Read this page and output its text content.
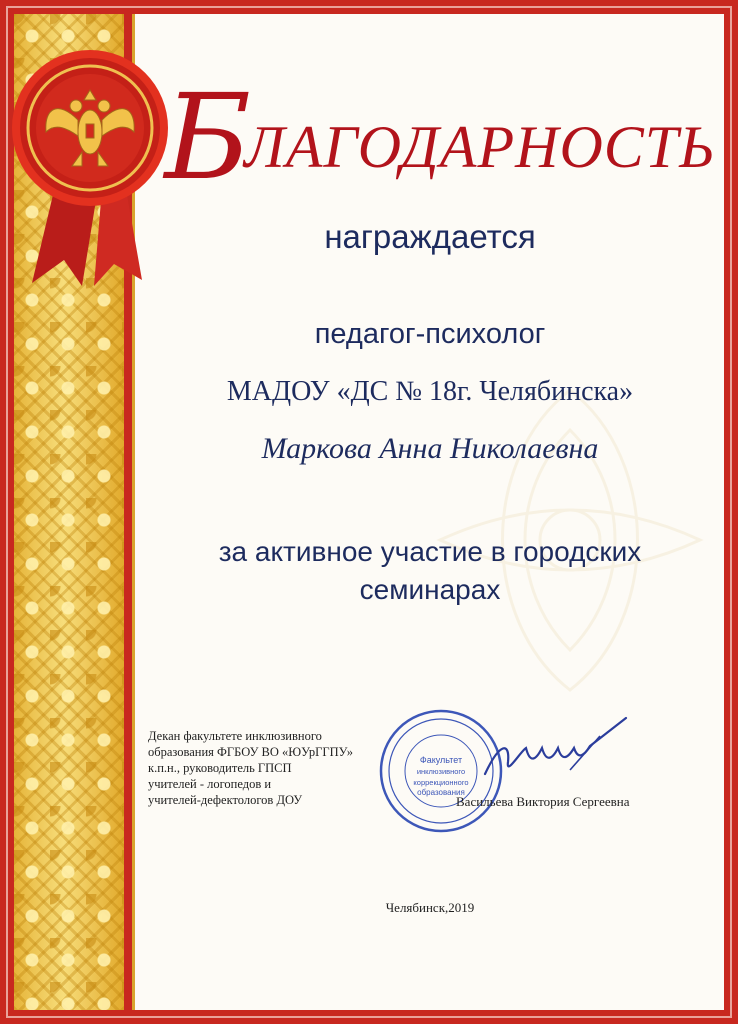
Б
ЛАГОДАРНОСТЬ
награждается
педагог-психолог
МАДОУ «ДС № 18г. Челябинска»
Маркова Анна Николаевна
за активное участие в городских
семинарах
Декан факультете инклюзивного
образования ФГБОУ ВО «ЮУрГГПУ»
к.п.н., руководитель ГПСП
учителей - логопедов и
учителей-дефектологов ДОУ
Факультет
инклюзивного
коррекционного
образования
Васильева Виктория Сергеевна
Челябинск,2019
